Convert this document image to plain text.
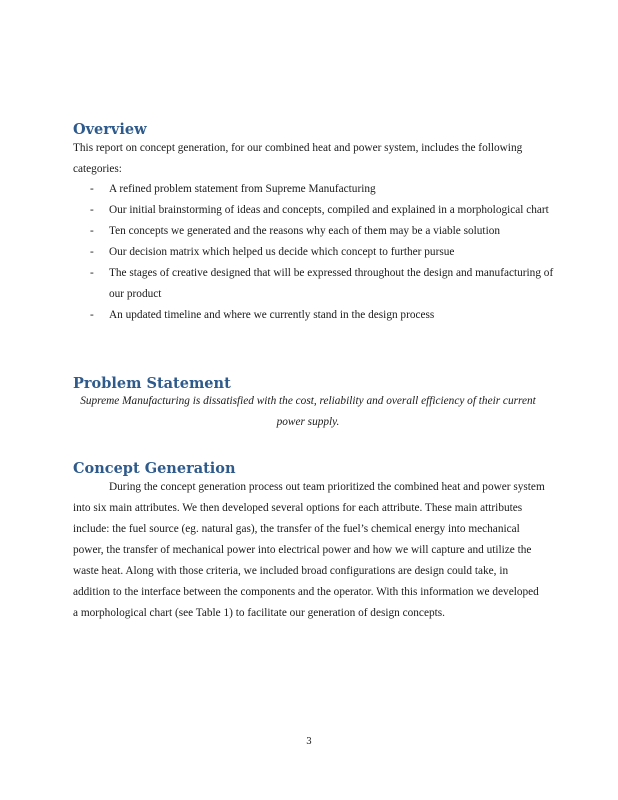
Overview

This report on concept generation, for our combined heat and power system, includes the following categories:

- A refined problem statement from Supreme Manufacturing
- Our initial brainstorming of ideas and concepts, compiled and explained in a morphological chart
- Ten concepts we generated and the reasons why each of them may be a viable solution
- Our decision matrix which helped us decide which concept to further pursue
- The stages of creative designed that will be expressed throughout the design and manufacturing of our product
- An updated timeline and where we currently stand in the design process
Problem Statement

Supreme Manufacturing is dissatisfied with the cost, reliability and overall efficiency of their current power supply.

Concept Generation

During the concept generation process out team prioritized the combined heat and power system into six main attributes. We then developed several options for each attribute. These main attributes include: the fuel source (eg. natural gas), the transfer of the fuel’s chemical energy into mechanical power, the transfer of mechanical power into electrical power and how we will capture and utilize the waste heat. Along with those criteria, we included broad configurations are design could take, in addition to the interface between the components and the operator. With this information we developed a morphological chart (see Table 1) to facilitate our generation of design concepts.

3
